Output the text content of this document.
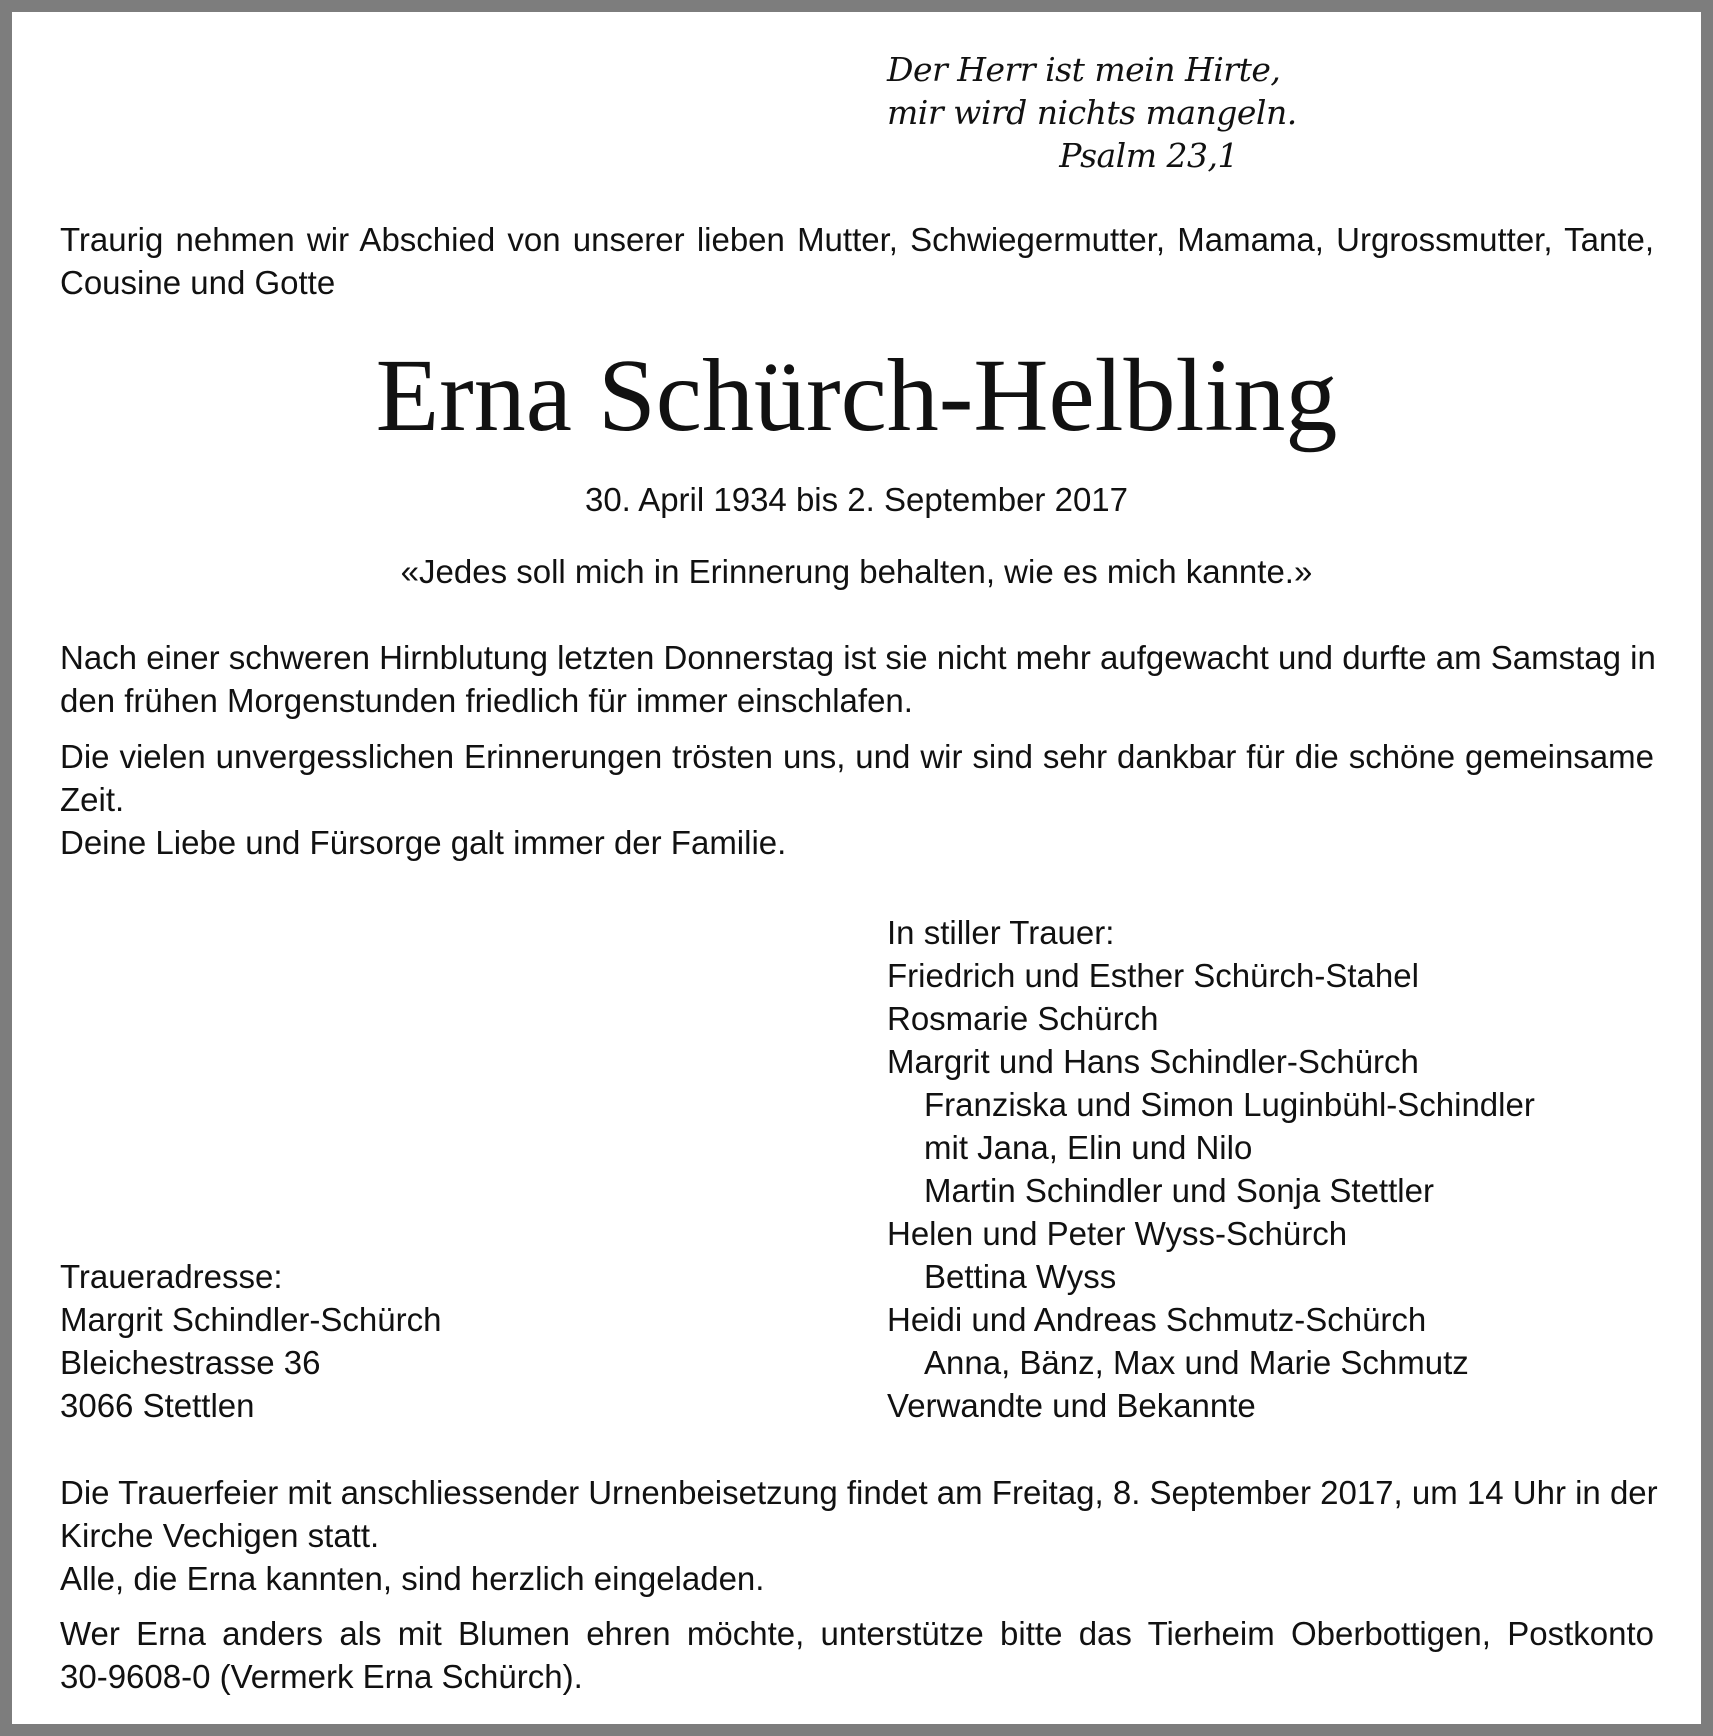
Der Herr ist mein Hirte,
mir wird nichts mangeln.
Psalm 23,1
Traurig nehmen wir Abschied von unserer lieben Mutter, Schwiegermutter, Mamama, Urgrossmutter, Tante,
Cousine und Gotte
Erna Schürch-Helbling
30. April 1934 bis 2. September 2017
«Jedes soll mich in Erinnerung behalten, wie es mich kannte.»
Nach einer schweren Hirnblutung letzten Donnerstag ist sie nicht mehr aufgewacht und durfte am Samstag in
den frühen Morgenstunden friedlich für immer einschlafen.
Die vielen unvergesslichen Erinnerungen trösten uns, und wir sind sehr dankbar für die schöne gemeinsame
Zeit.
Deine Liebe und Fürsorge galt immer der Familie.
In stiller Trauer:
Friedrich und Esther Schürch-Stahel
Rosmarie Schürch
Margrit und Hans Schindler-Schürch
Franziska und Simon Luginbühl-Schindler
mit Jana, Elin und Nilo
Martin Schindler und Sonja Stettler
Helen und Peter Wyss-Schürch
Bettina Wyss
Heidi und Andreas Schmutz-Schürch
Anna, Bänz, Max und Marie Schmutz
Verwandte und Bekannte
Traueradresse:
Margrit Schindler-Schürch
Bleichestrasse 36
3066 Stettlen
Die Trauerfeier mit anschliessender Urnenbeisetzung findet am Freitag, 8. September 2017, um 14 Uhr in der
Kirche Vechigen statt.
Alle, die Erna kannten, sind herzlich eingeladen.
Wer Erna anders als mit Blumen ehren möchte, unterstütze bitte das Tierheim Oberbottigen, Postkonto
30-9608-0 (Vermerk Erna Schürch).
